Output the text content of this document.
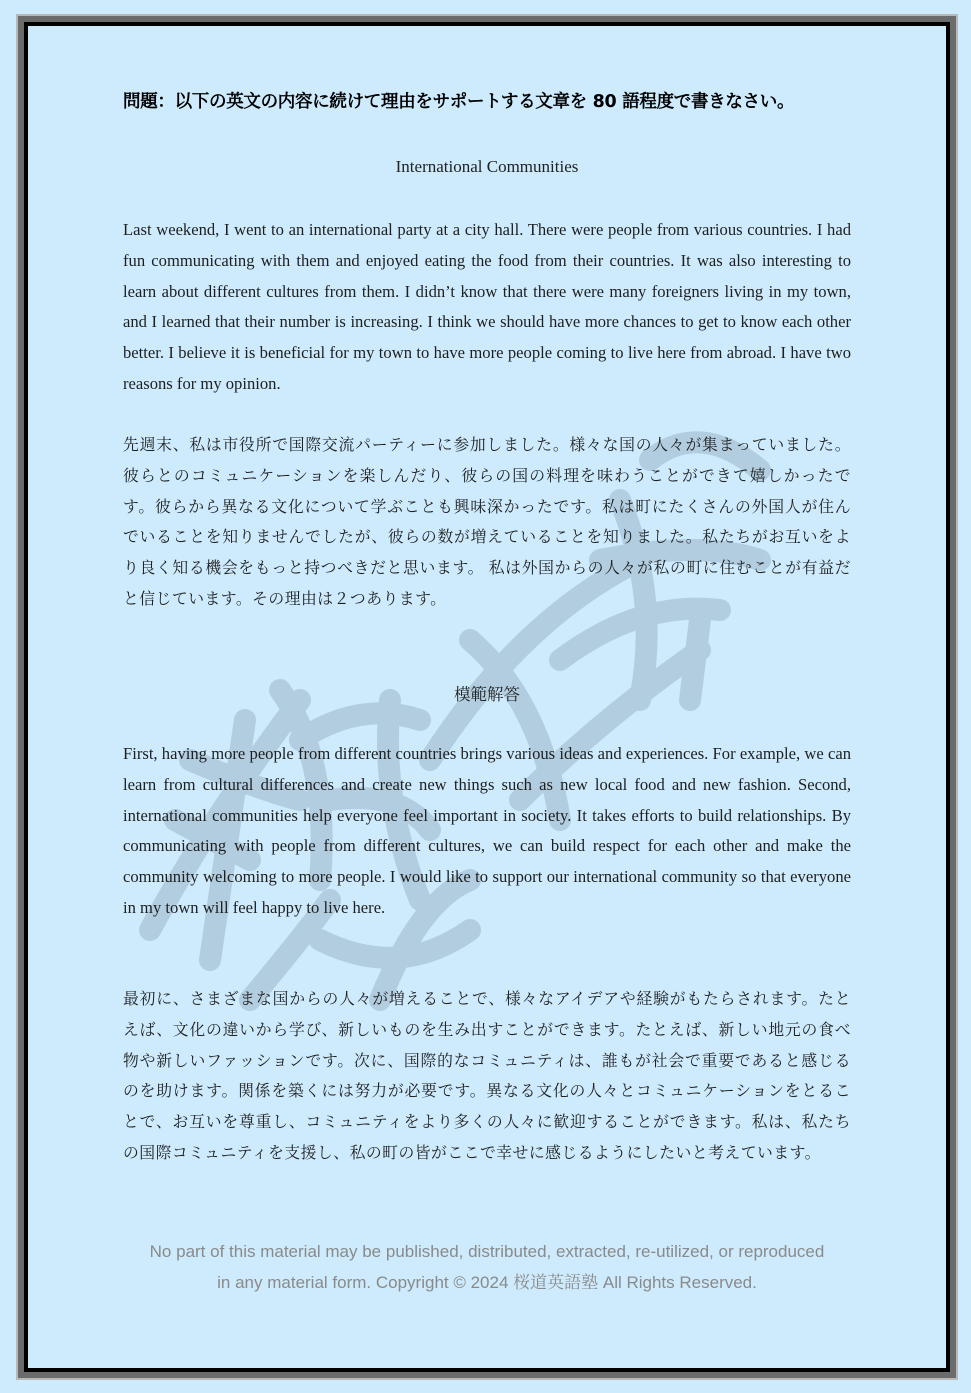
問題：以下の英文の内容に続けて理由をサポートする文章を 80 語程度で書きなさい。
International Communities
Last weekend, I went to an international party at a city hall. There were people from various countries. I had fun communicating with them and enjoyed eating the food from their countries. It was also interesting to learn about different cultures from them. I didn’t know that there were many foreigners living in my town, and I learned that their number is increasing. I think we should have more chances to get to know each other better. I believe it is beneficial for my town to have more people coming to live here from abroad. I have two reasons for my opinion.
先週末、私は市役所で国際交流パーティーに参加しました。様々な国の人々が集まっていました。彼らとのコミュニケーションを楽しんだり、彼らの国の料理を味わうことができて嬉しかったです。彼らから異なる文化について学ぶことも興味深かったです。私は町にたくさんの外国人が住んでいることを知りませんでしたが、彼らの数が増えていることを知りました。私たちがお互いをより良く知る機会をもっと持つべきだと思います。 私は外国からの人々が私の町に住むことが有益だと信じています。その理由は２つあります。
模範解答
First, having more people from different countries brings various ideas and experiences. For example, we can learn from cultural differences and create new things such as new local food and new fashion. Second, international communities help everyone feel important in society. It takes efforts to build relationships. By communicating with people from different cultures, we can build respect for each other and make the community welcoming to more people. I would like to support our international community so that everyone in my town will feel happy to live here.
最初に、さまざまな国からの人々が増えることで、様々なアイデアや経験がもたらされます。たとえば、文化の違いから学び、新しいものを生み出すことができます。たとえば、新しい地元の食べ物や新しいファッションです。次に、国際的なコミュニティは、誰もが社会で重要であると感じるのを助けます。関係を築くには努力が必要です。異なる文化の人々とコミュニケーションをとることで、お互いを尊重し、コミュニティをより多くの人々に歓迎することができます。私は、私たちの国際コミュニティを支援し、私の町の皆がここで幸せに感じるようにしたいと考えています。
No part of this material may be published, distributed, extracted, re-utilized, or reproduced
in any material form. Copyright © 2024 桜道英語塾 All Rights Reserved.
